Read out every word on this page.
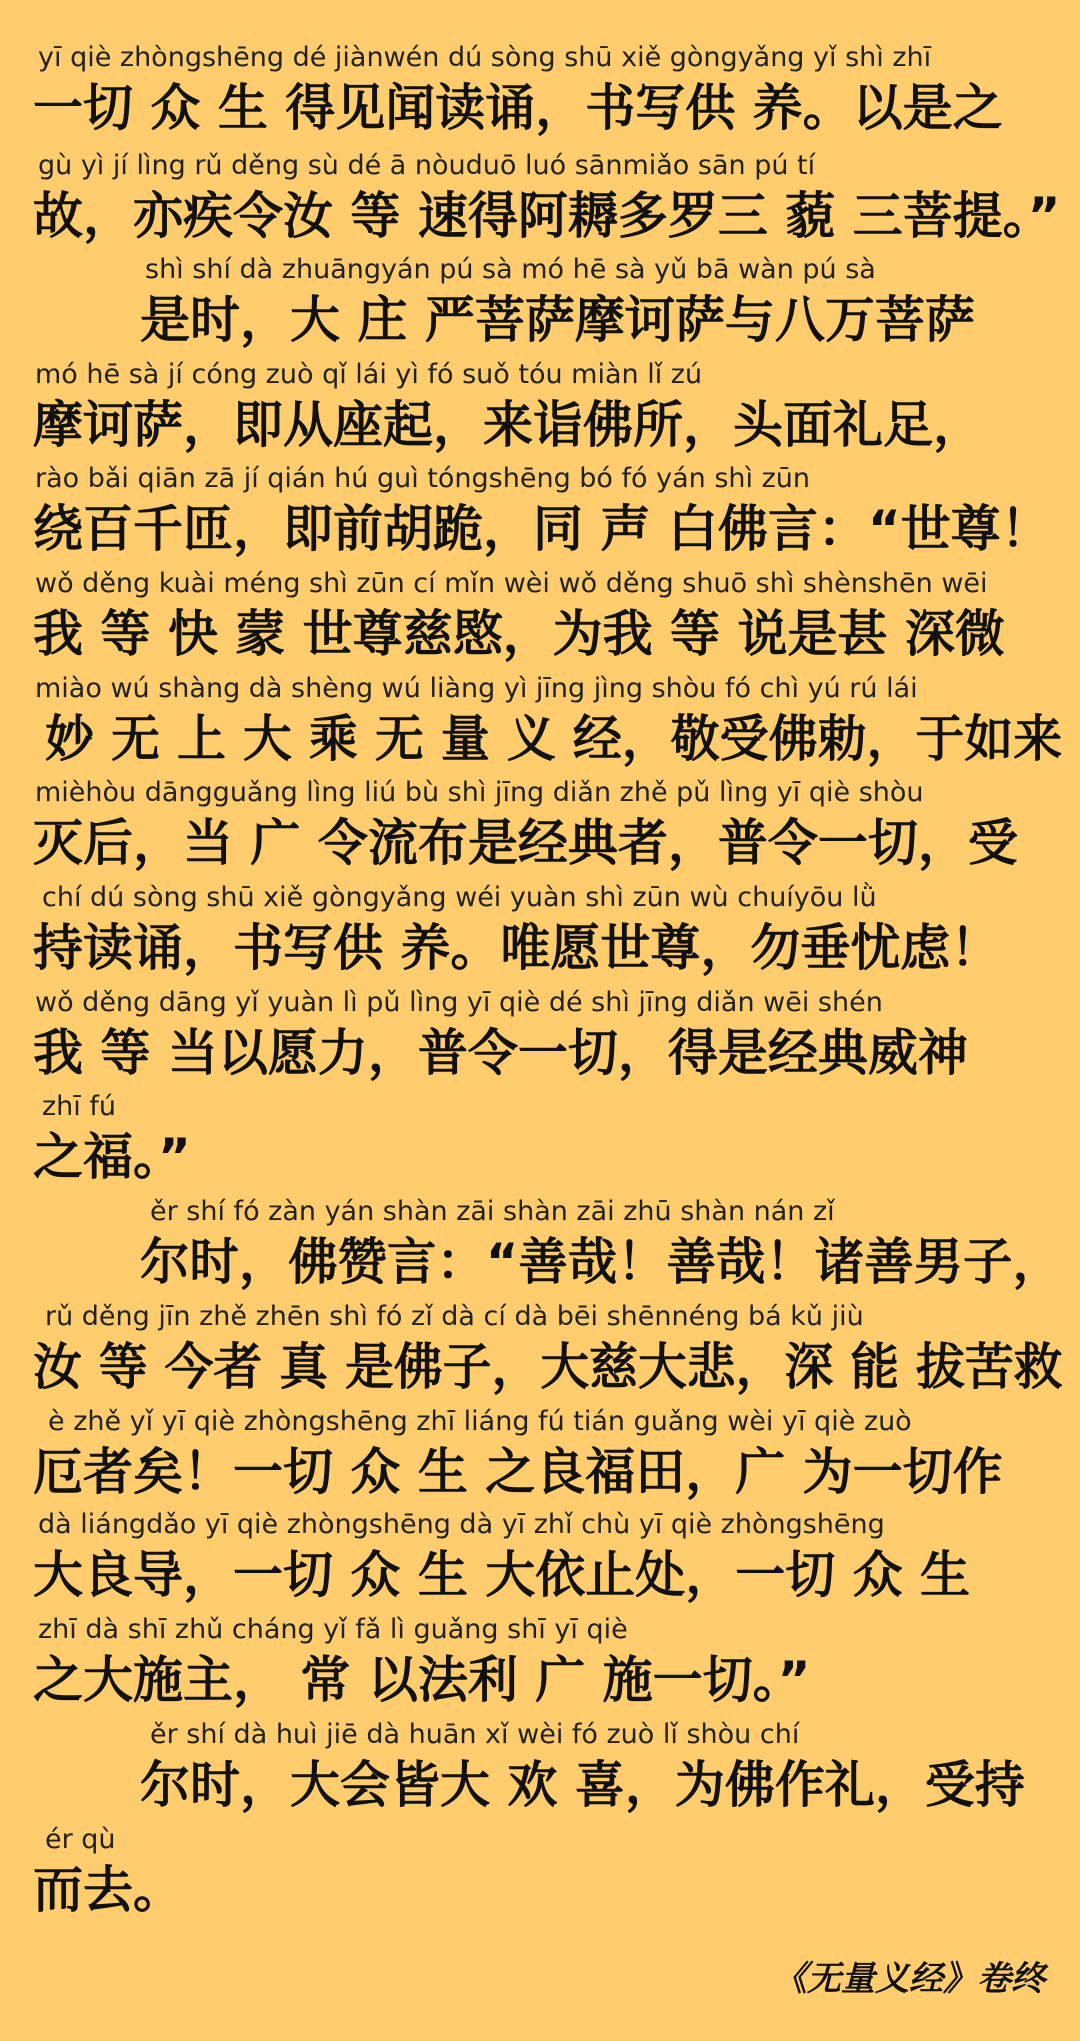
yī qiè zhòngshēng dé jiànwén dú sòng shū xiě gòngyǎng yǐ shì zhī
一切 众 生 得见闻读诵，书写供 养。以是之
gù yì jí lìng rǔ děng sù dé ā nòuduō luó sānmiǎo sān pú tí
故，亦疾令汝 等 速得阿耨多罗三 藐 三菩提。”
shì shí dà zhuāngyán pú sà mó hē sà yǔ bā wàn pú sà
是时，大 庄 严菩萨摩诃萨与八万菩萨
mó hē sà jí cóng zuò qǐ lái yì fó suǒ tóu miàn lǐ zú
摩诃萨，即从座起，来诣佛所，头面礼足，
rào bǎi qiān zā jí qián hú guì tóngshēng bó fó yán shì zūn
绕百千匝，即前胡跪，同 声 白佛言：“世尊！
wǒ děng kuài méng shì zūn cí mǐn wèi wǒ děng shuō shì shènshēn wēi
我 等 快 蒙 世尊慈愍，为我 等 说是甚 深微
miào wú shàng dà shèng wú liàng yì jīng jìng shòu fó chì yú rú lái
妙 无 上 大 乘 无 量 义 经，敬受佛勅，于如来
mièhòu dāngguǎng lìng liú bù shì jīng diǎn zhě pǔ lìng yī qiè shòu
灭后，当 广 令流布是经典者，普令一切，受
chí dú sòng shū xiě gòngyǎng wéi yuàn shì zūn wù chuíyōu lǜ
持读诵，书写供 养。唯愿世尊，勿垂忧虑！
wǒ děng dāng yǐ yuàn lì pǔ lìng yī qiè dé shì jīng diǎn wēi shén
我 等 当以愿力，普令一切，得是经典威神
zhī fú
之福。”
ěr shí fó zàn yán shàn zāi shàn zāi zhū shàn nán zǐ
尔时，佛赞言：“善哉！善哉！诸善男子，
rǔ děng jīn zhě zhēn shì fó zǐ dà cí dà bēi shēnnéng bá kǔ jiù
汝 等 今者 真 是佛子，大慈大悲，深 能 拔苦救
è zhě yǐ yī qiè zhòngshēng zhī liáng fú tián guǎng wèi yī qiè zuò
厄者矣！一切 众 生 之良福田，广 为一切作
dà liángdǎo yī qiè zhòngshēng dà yī zhǐ chù yī qiè zhòngshēng
大良导，一切 众 生 大依止处，一切 众 生
zhī dà shī zhǔ cháng yǐ fǎ lì guǎng shī yī qiè
之大施主， 常 以法利 广 施一切。”
ěr shí dà huì jiē dà huān xǐ wèi fó zuò lǐ shòu chí
尔时，大会皆大 欢 喜，为佛作礼，受持
ér qù
而去。
《无量义经》卷终
